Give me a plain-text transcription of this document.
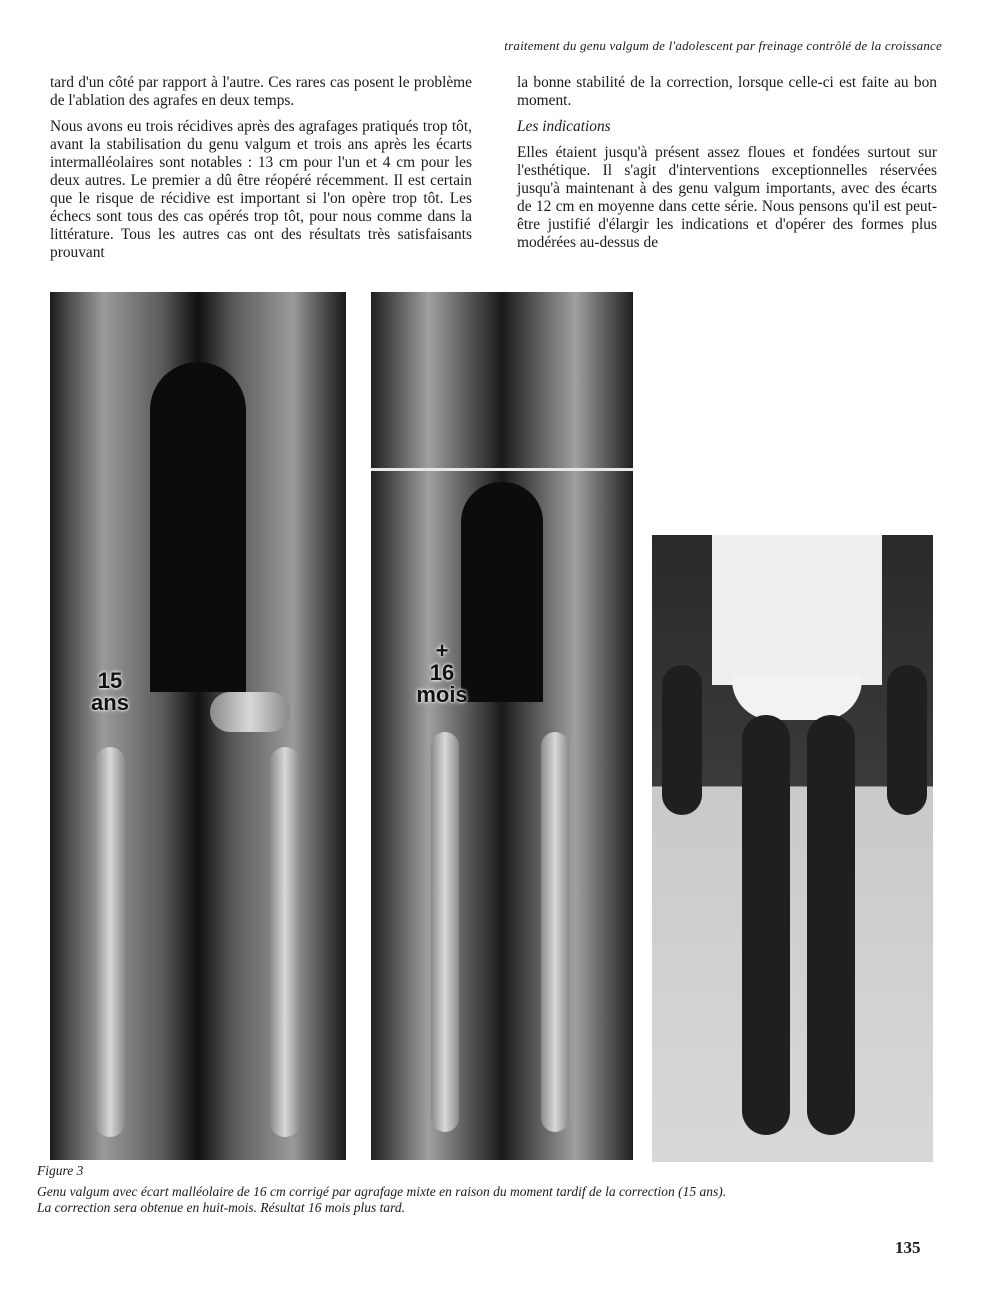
traitement du genu valgum de l'adolescent par freinage contrôlé de la croissance

tard d'un côté par rapport à l'autre. Ces rares cas posent le problème de l'ablation des agrafes en deux temps.

Nous avons eu trois récidives après des agrafages pratiqués trop tôt, avant la stabilisation du genu valgum et trois ans après les écarts intermalléolaires sont notables : 13 cm pour l'un et 4 cm pour les deux autres. Le premier a dû être réopéré récemment. Il est certain que le risque de récidive est important si l'on opère trop tôt. Les échecs sont tous des cas opérés trop tôt, pour nous comme dans la littérature. Tous les autres cas ont des résultats très satisfaisants prouvant

la bonne stabilité de la correction, lorsque celle-ci est faite au bon moment.

Les indications

Elles étaient jusqu'à présent assez floues et fondées surtout sur l'esthétique. Il s'agit d'interventions exceptionnelles réservées jusqu'à maintenant à des genu valgum importants, avec des écarts de 12 cm en moyenne dans cette série. Nous pensons qu'il est peut-être justifié d'élargir les indications et d'opérer des formes plus modérées au-dessus de

15
ans
+
16
mois
Figure 3
Genu valgum avec écart malléolaire de 16 cm corrigé par agrafage mixte en raison du moment tardif de la correction (15 ans).
La correction sera obtenue en huit-mois. Résultat 16 mois plus tard.
135
